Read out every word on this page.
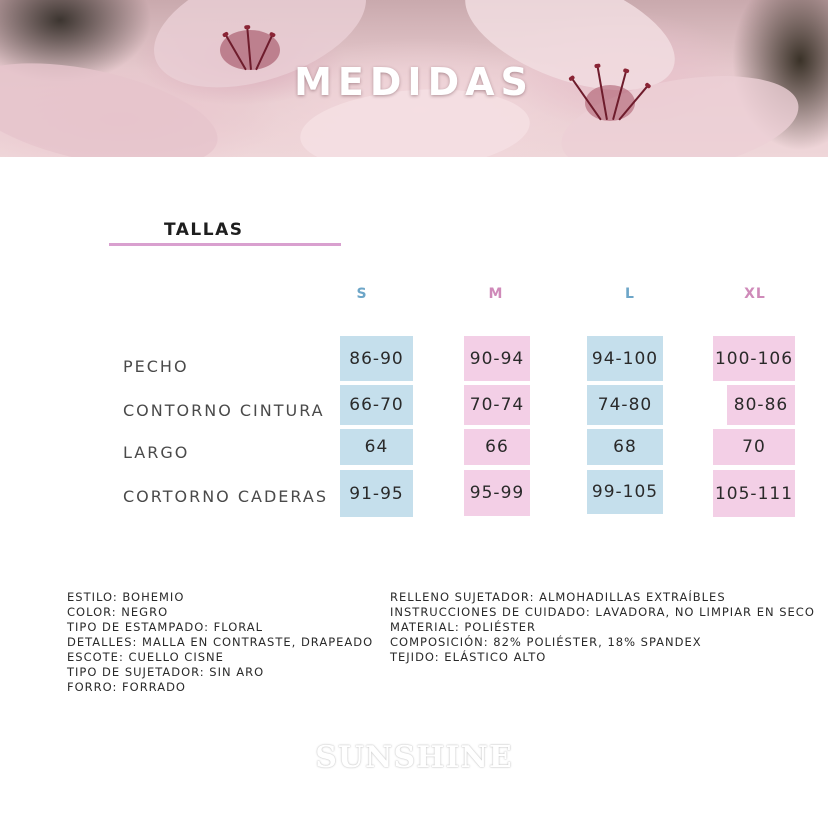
MEDIDAS
TALLAS
S	M	L	XL
PECHO	86-90	90-94	94-100	100-106
CONTORNO CINTURA	66-70	70-74	74-80	80-86
LARGO	64	66	68	70
CORTORNO CADERAS	91-95	95-99	99-105	105-111
ESTILO: BOHEMIO
COLOR: NEGRO
TIPO DE ESTAMPADO: FLORAL
DETALLES: MALLA EN CONTRASTE, DRAPEADO
ESCOTE: CUELLO CISNE
TIPO DE SUJETADOR: SIN ARO
FORRO: FORRADO
RELLENO SUJETADOR: ALMOHADILLAS EXTRAÍBLES
INSTRUCCIONES DE CUIDADO: LAVADORA, NO LIMPIAR EN SECO
MATERIAL: POLIÉSTER
COMPOSICIÓN: 82% POLIÉSTER, 18% SPANDEX
TEJIDO: ELÁSTICO ALTO
SUNSHINE
